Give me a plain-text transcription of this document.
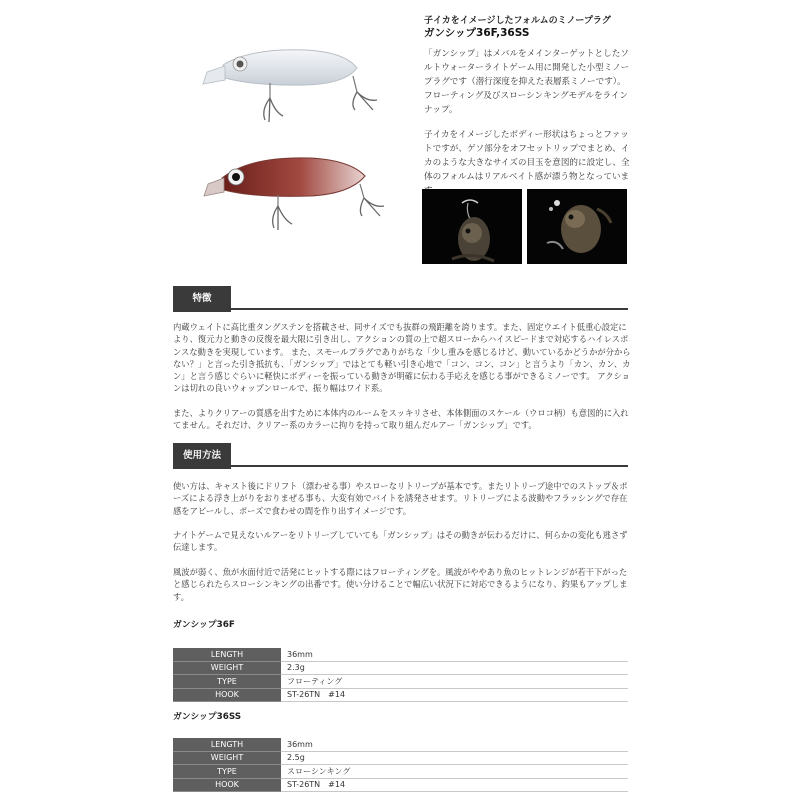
子イカをイメージしたフォルムのミノープラグ
ガンシップ36F,36SS

「ガンシップ」はメバルをメインターゲットとしたソルトウォーターライトゲーム用に開発した小型ミノープラグです（潜行深度を抑えた表層系ミノーです）。フローティング及びスローシンキングモデルをラインナップ。

子イカをイメージしたボディー形状はちょっとファットですが、ゲソ部分をオフセットリップでまとめ、イカのような大きなサイズの目玉を意図的に設定し、全体のフォルムはリアルベイト感が漂う物となっていま

特徴

内蔵ウェイトに高比重タングステンを搭載させ、同サイズでも抜群の飛距離を誇ります。また、固定ウエイト低重心設定により、復元力と動きの反復を最大限に引き出し、アクションの質の上で超スローからハイスピードまで対応するハイレスポンスな動きを実現しています。 また、スモールプラグでありがちな「少し重みを感じるけど、動いているかどうかが分からない？」と言った引き抵抗も、「ガンシップ」ではとても軽い引き心地で「コン、コン、コン」と言うより「カン、カン、カン」と言う感じぐらいに軽快にボディーを振っている動きが明確に伝わる手応えを感じる事ができるミノーです。 アクションは切れの良いウォッブンロールで、振り幅はワイド系。

また、よりクリアーの質感を出すために本体内のルームをスッキリさせ、本体側面のスケール（ウロコ柄）も意図的に入れてません。それだけ、クリアー系のカラーに拘りを持って取り組んだルアー「ガンシップ」です。

使用方法

使い方は、キャスト後にドリフト（漂わせる事）やスローなリトリーブが基本です。またリトリーブ途中でのストップ＆ポーズによる浮き上がりをおりまぜる事も、大変有効でバイトを誘発させます。リトリーブによる波動やフラッシングで存在感をアピールし、ポーズで食わせの間を作り出すイメージです。

ナイトゲームで見えないルアーをリトリーブしていても「ガンシップ」はその動きが伝わるだけに、何らかの変化も逃さず伝達します。

風波が弱く、魚が水面付近で活発にヒットする際にはフローティングを。風波がややあり魚のヒットレンジが若干下がったと感じられたらスローシンキングの出番です。使い分けることで幅広い状況下に対応できるようになり、釣果もアップします。

ガンシップ36F
LENGTH	36mm
WEIGHT	2.3g
TYPE	フローティング
HOOK	ST-26TN　#14
ガンシップ36SS
LENGTH	36mm
WEIGHT	2.5g
TYPE	スローシンキング
HOOK	ST-26TN　#14
